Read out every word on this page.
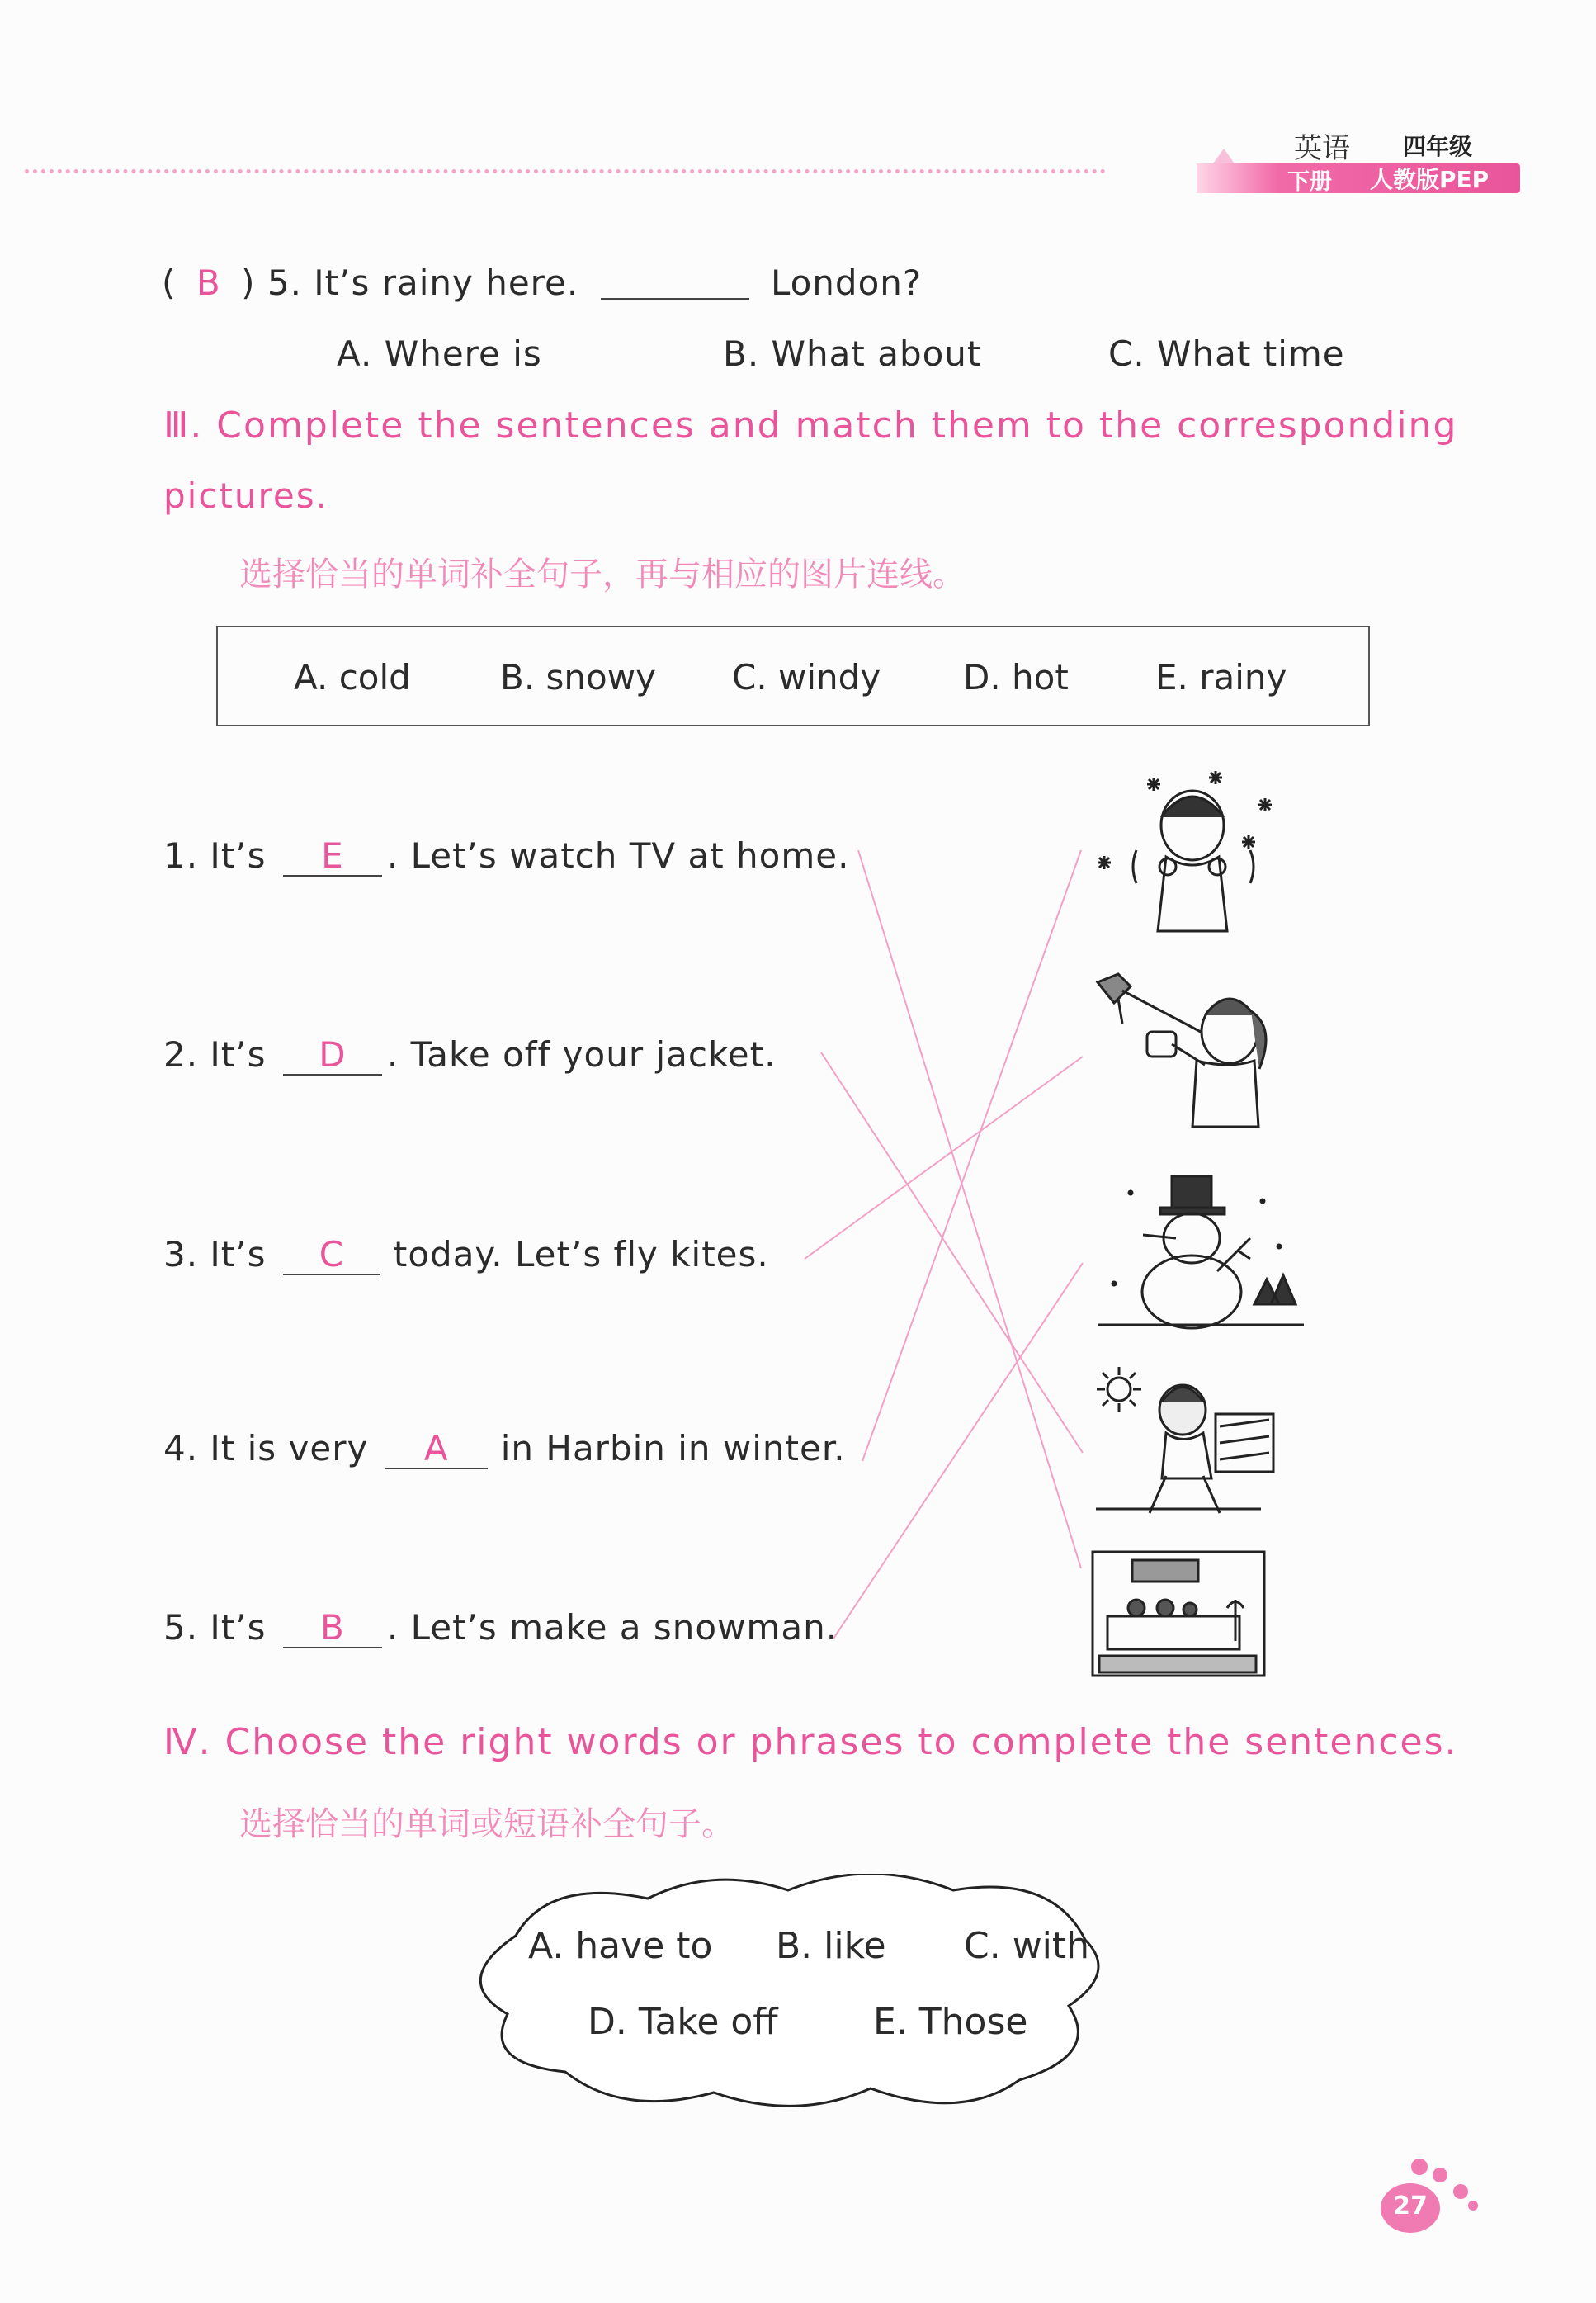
英语 四年级
下册 人教版PEP
( B ) 5. It’s rainy here.	London?
A. Where is	B. What about	C. What time
Ⅲ. Complete the sentences and match them to the corresponding
pictures.
选择恰当的单词补全句子，再与相应的图片连线。
A. cold	B. snowy C. windy D. hot	E. rainy
1. It’s E . Let’s watch TV at home.
2. It’s D . Take off your jacket.
3. It’s C today. Let’s fly kites.
4. It is very A in Harbin in winter.
5. It’s B . Let’s make a snowman.
Ⅳ. Choose the right words or phrases to complete the sentences.
选择恰当的单词或短语补全句子。
A. have to B. like C. with
D. Take off	E. Those
27
